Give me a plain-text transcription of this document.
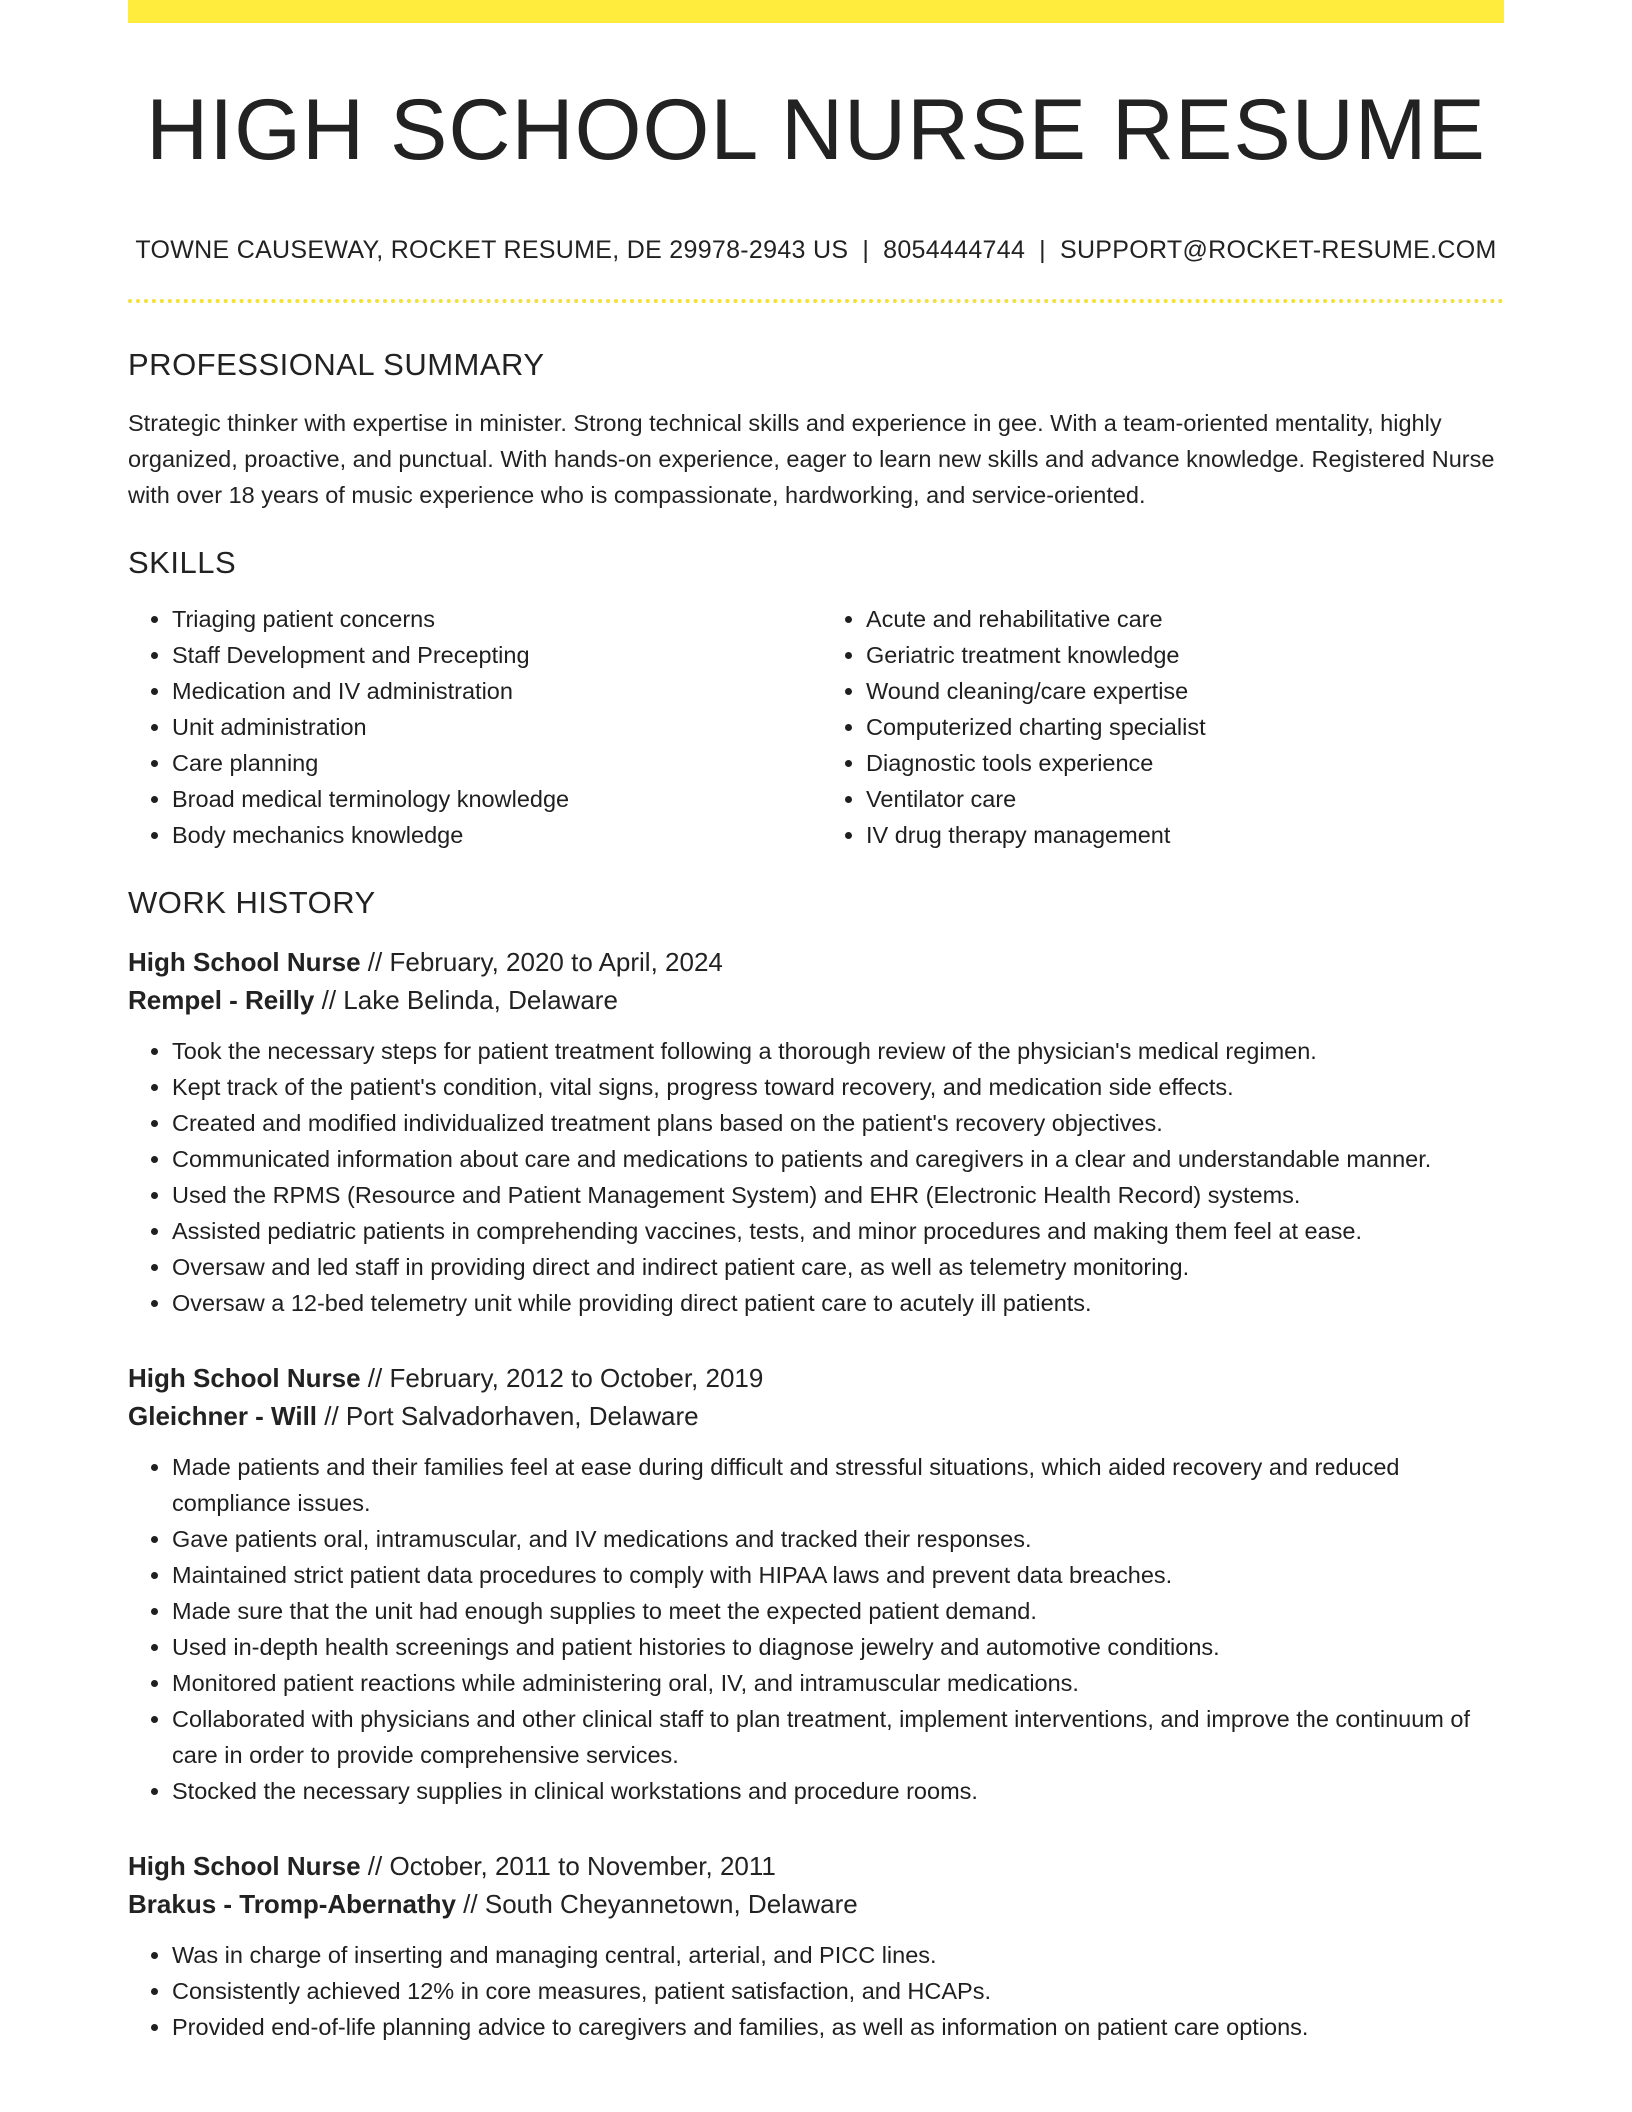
HIGH SCHOOL NURSE RESUME
TOWNE CAUSEWAY, ROCKET RESUME, DE 29978-2943 US | 8054444744 | SUPPORT@ROCKET-RESUME.COM
PROFESSIONAL SUMMARY

Strategic thinker with expertise in minister. Strong technical skills and experience in gee. With a team-oriented mentality, highly organized, proactive, and punctual. With hands-on experience, eager to learn new skills and advance knowledge. Registered Nurse with over 18 years of music experience who is compassionate, hardworking, and service-oriented.

SKILLS
• Triaging patient concerns
• Staff Development and Precepting
• Medication and IV administration
• Unit administration
• Care planning
• Broad medical terminology knowledge
• Body mechanics knowledge
• Acute and rehabilitative care
• Geriatric treatment knowledge
• Wound cleaning/care expertise
• Computerized charting specialist
• Diagnostic tools experience
• Ventilator care
• IV drug therapy management
WORK HISTORY
High School Nurse // February, 2020 to April, 2024
Rempel - Reilly // Lake Belinda, Delaware
• Took the necessary steps for patient treatment following a thorough review of the physician's medical regimen.
• Kept track of the patient's condition, vital signs, progress toward recovery, and medication side effects.
• Created and modified individualized treatment plans based on the patient's recovery objectives.
• Communicated information about care and medications to patients and caregivers in a clear and understandable manner.
• Used the RPMS (Resource and Patient Management System) and EHR (Electronic Health Record) systems.
• Assisted pediatric patients in comprehending vaccines, tests, and minor procedures and making them feel at ease.
• Oversaw and led staff in providing direct and indirect patient care, as well as telemetry monitoring.
• Oversaw a 12-bed telemetry unit while providing direct patient care to acutely ill patients.
High School Nurse // February, 2012 to October, 2019
Gleichner - Will // Port Salvadorhaven, Delaware
• Made patients and their families feel at ease during difficult and stressful situations, which aided recovery and reduced compliance issues.
• Gave patients oral, intramuscular, and IV medications and tracked their responses.
• Maintained strict patient data procedures to comply with HIPAA laws and prevent data breaches.
• Made sure that the unit had enough supplies to meet the expected patient demand.
• Used in-depth health screenings and patient histories to diagnose jewelry and automotive conditions.
• Monitored patient reactions while administering oral, IV, and intramuscular medications.
• Collaborated with physicians and other clinical staff to plan treatment, implement interventions, and improve the continuum of care in order to provide comprehensive services.
• Stocked the necessary supplies in clinical workstations and procedure rooms.
High School Nurse // October, 2011 to November, 2011
Brakus - Tromp-Abernathy // South Cheyannetown, Delaware
• Was in charge of inserting and managing central, arterial, and PICC lines.
• Consistently achieved 12% in core measures, patient satisfaction, and HCAPs.
• Provided end-of-life planning advice to caregivers and families, as well as information on patient care options.
